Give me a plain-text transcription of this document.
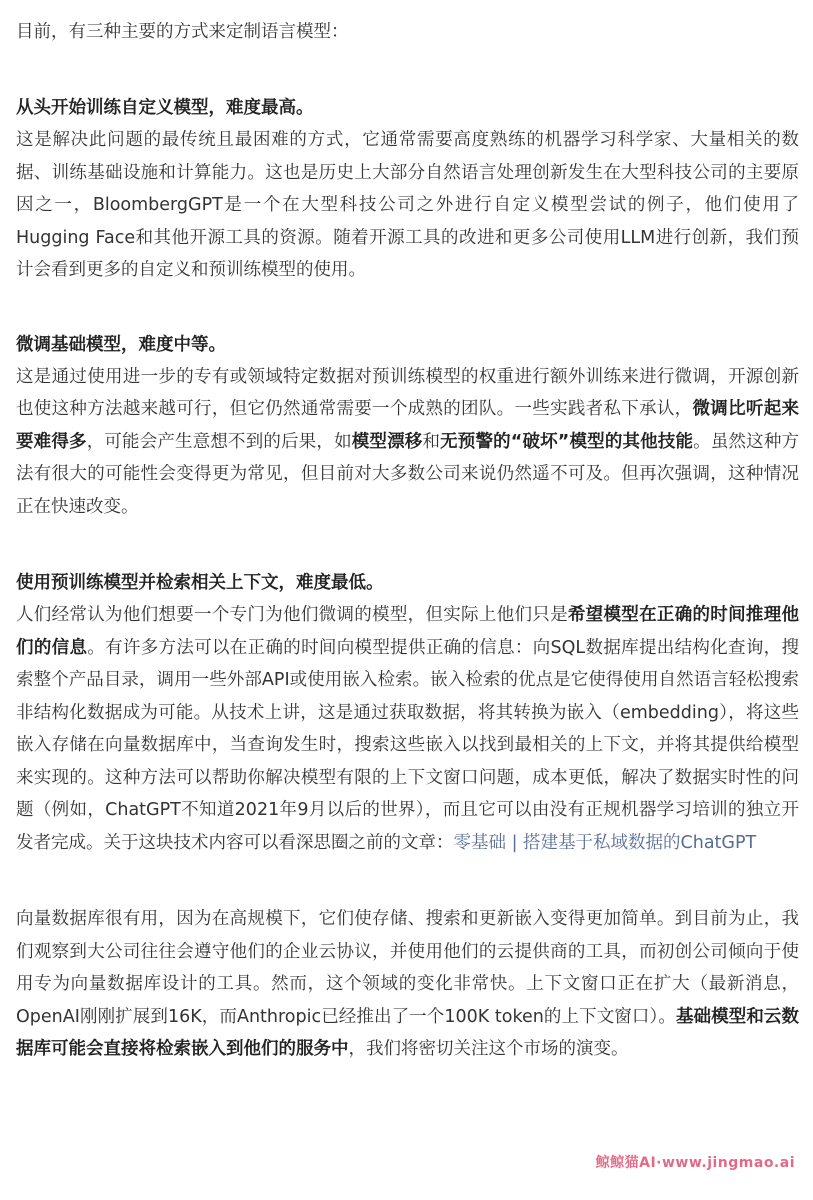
目前，有三种主要的方式来定制语言模型：

从头开始训练自定义模型，难度最高。

这是解决此问题的最传统且最困难的方式，它通常需要高度熟练的机器学习科学家、大量相关的数据、训练基础设施和计算能力。这也是历史上大部分自然语言处理创新发生在大型科技公司的主要原因之一，BloombergGPT是一个在大型科技公司之外进行自定义模型尝试的例子，他们使用了Hugging Face和其他开源工具的资源。随着开源工具的改进和更多公司使用LLM进行创新，我们预计会看到更多的自定义和预训练模型的使用。

微调基础模型，难度中等。

这是通过使用进一步的专有或领域特定数据对预训练模型的权重进行额外训练来进行微调，开源创新也使这种方法越来越可行，但它仍然通常需要一个成熟的团队。一些实践者私下承认，微调比听起来要难得多，可能会产生意想不到的后果，如模型漂移和无预警的“破坏”模型的其他技能。虽然这种方法有很大的可能性会变得更为常见，但目前对大多数公司来说仍然遥不可及。但再次强调，这种情况正在快速改变。

使用预训练模型并检索相关上下文，难度最低。

人们经常认为他们想要一个专门为他们微调的模型，但实际上他们只是希望模型在正确的时间推理他们的信息。有许多方法可以在正确的时间向模型提供正确的信息：向SQL数据库提出结构化查询，搜索整个产品目录，调用一些外部API或使用嵌入检索。嵌入检索的优点是它使得使用自然语言轻松搜索非结构化数据成为可能。从技术上讲，这是通过获取数据，将其转换为嵌入（embedding），将这些嵌入存储在向量数据库中，当查询发生时，搜索这些嵌入以找到最相关的上下文，并将其提供给模型来实现的。这种方法可以帮助你解决模型有限的上下文窗口问题，成本更低，解决了数据实时性的问题（例如，ChatGPT不知道2021年9月以后的世界），而且它可以由没有正规机器学习培训的独立开发者完成。关于这块技术内容可以看深思圈之前的文章：零基础 | 搭建基于私域数据的ChatGPT

向量数据库很有用，因为在高规模下，它们使存储、搜索和更新嵌入变得更加简单。到目前为止，我们观察到大公司往往会遵守他们的企业云协议，并使用他们的云提供商的工具，而初创公司倾向于使用专为向量数据库设计的工具。然而，这个领域的变化非常快。上下文窗口正在扩大（最新消息，OpenAI刚刚扩展到16K，而Anthropic已经推出了一个100K token的上下文窗口）。基础模型和云数据库可能会直接将检索嵌入到他们的服务中，我们将密切关注这个市场的演变。

鲸鲸猫AI·www.jingmao.ai
